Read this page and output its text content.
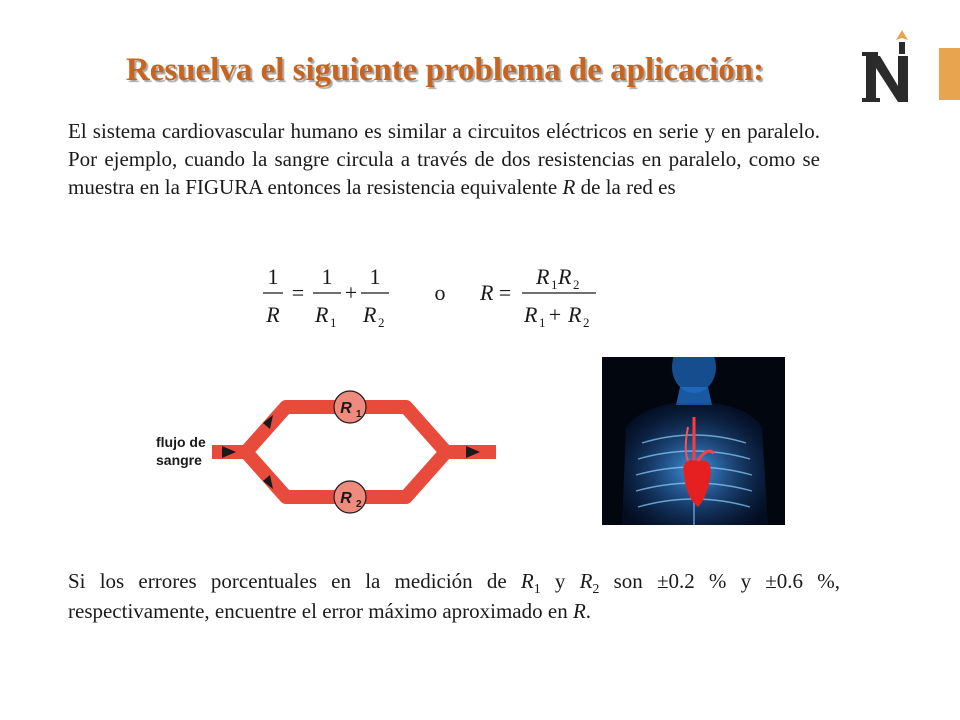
Resuelva el siguiente problema de aplicación:
El sistema cardiovascular humano es similar a circuitos eléctricos en serie y en paralelo. Por ejemplo, cuando la sangre circula a través de dos resistencias en paralelo, como se muestra en la FIGURA entonces la resistencia equivalente R de la red es
1
R
=
1
R 1
+
1
R 2
o R =
R 1 R 2
R 1 + R 2
R 1
R 2
flujo de
sangre
Si los errores porcentuales en la medición de $R_1$ y $R_2$ son ±0.2 % y ±0.6 %, respectivamente, encuentre el error máximo aproximado en R.
